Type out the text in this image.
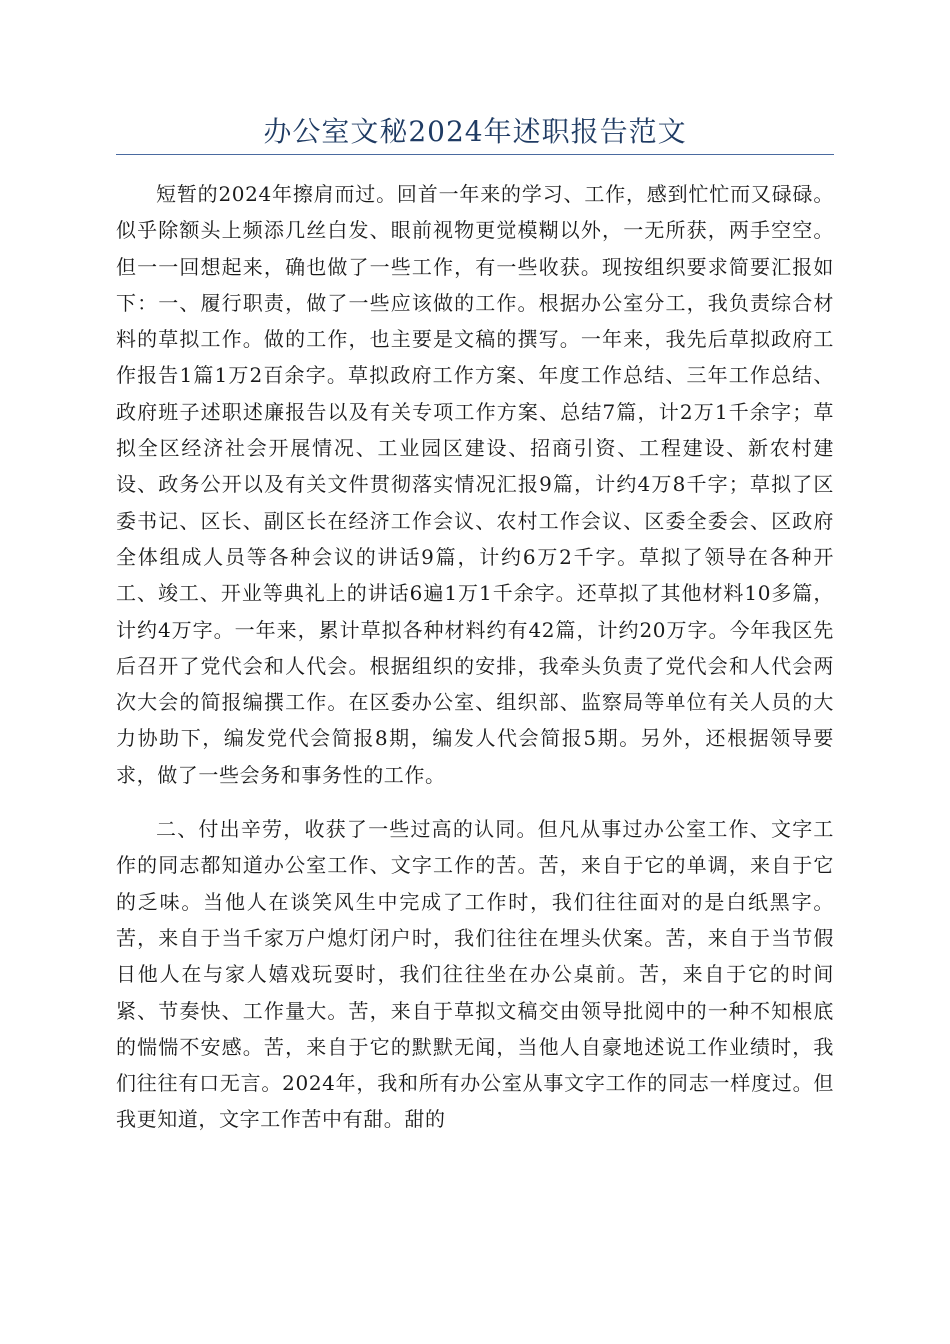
办公室文秘2024年述职报告范文

短暂的2024年擦肩而过。回首一年来的学习、工作，感到忙忙而又碌碌。似乎除额头上频添几丝白发、眼前视物更觉模糊以外，一无所获，两手空空。但一一回想起来，确也做了一些工作，有一些收获。现按组织要求简要汇报如下：一、履行职责，做了一些应该做的工作。根据办公室分工，我负责综合材料的草拟工作。做的工作，也主要是文稿的撰写。一年来，我先后草拟政府工作报告1篇1万2百余字。草拟政府工作方案、年度工作总结、三年工作总结、政府班子述职述廉报告以及有关专项工作方案、总结7篇，计2万1千余字；草拟全区经济社会开展情况、工业园区建设、招商引资、工程建设、新农村建设、政务公开以及有关文件贯彻落实情况汇报9篇，计约4万8千字；草拟了区委书记、区长、副区长在经济工作会议、农村工作会议、区委全委会、区政府全体组成人员等各种会议的讲话9篇，计约6万2千字。草拟了领导在各种开工、竣工、开业等典礼上的讲话6遍1万1千余字。还草拟了其他材料10多篇，计约4万字。一年来，累计草拟各种材料约有42篇，计约20万字。今年我区先后召开了党代会和人代会。根据组织的安排，我牵头负责了党代会和人代会两次大会的简报编撰工作。在区委办公室、组织部、监察局等单位有关人员的大力协助下，编发党代会简报8期，编发人代会简报5期。另外，还根据领导要求，做了一些会务和事务性的工作。

二、付出辛劳，收获了一些过高的认同。但凡从事过办公室工作、文字工作的同志都知道办公室工作、文字工作的苦。苦，来自于它的单调，来自于它的乏味。当他人在谈笑风生中完成了工作时，我们往往面对的是白纸黑字。苦，来自于当千家万户熄灯闭户时，我们往往在埋头伏案。苦，来自于当节假日他人在与家人嬉戏玩耍时，我们往往坐在办公桌前。苦，来自于它的时间紧、节奏快、工作量大。苦，来自于草拟文稿交由领导批阅中的一种不知根底的惴惴不安感。苦，来自于它的默默无闻，当他人自豪地述说工作业绩时，我们往往有口无言。2024年，我和所有办公室从事文字工作的同志一样度过。但我更知道，文字工作苦中有甜。甜的
